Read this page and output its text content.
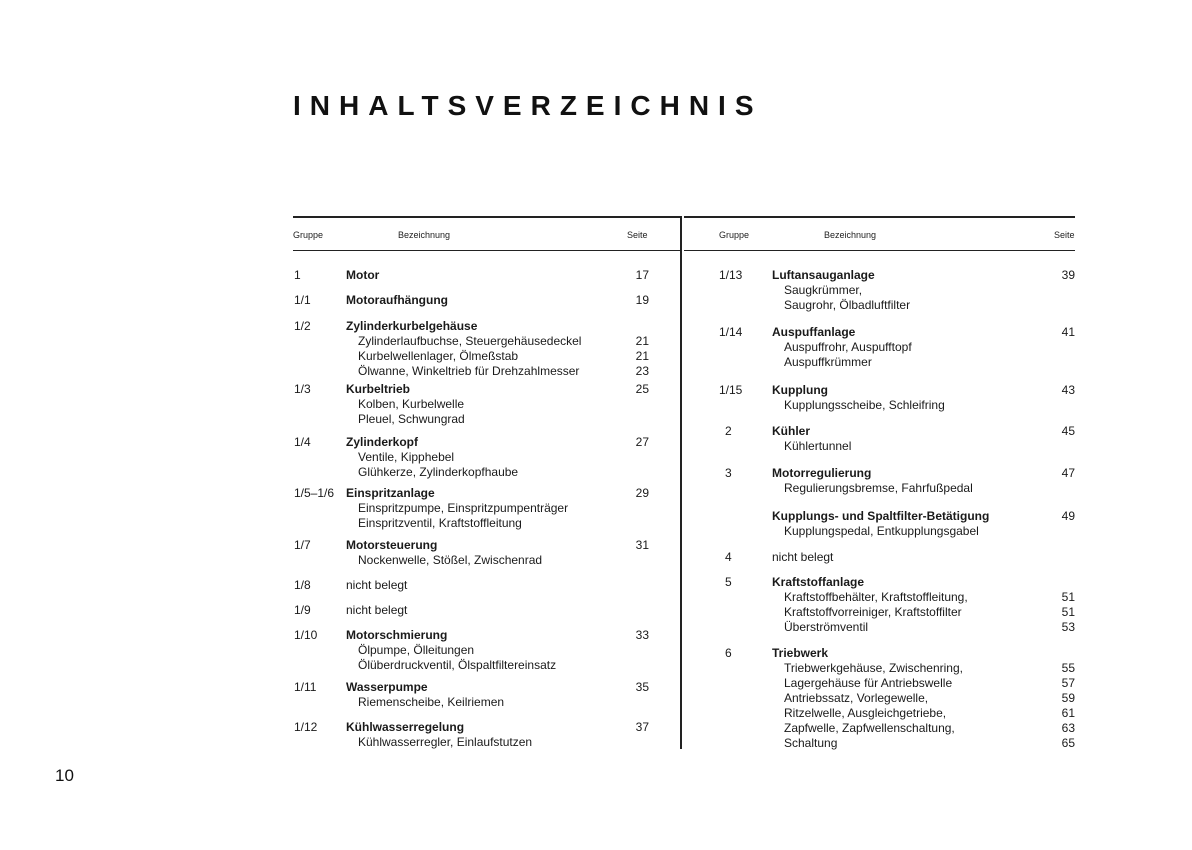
INHALTSVERZEICHNIS
Gruppe	Bezeichnung	Seite	Gruppe	Bezeichnung	Seite
1	Motor	17
1/1	Motoraufhängung	19
1/2	Zylinderkurbelgehäuse
Zylinderlaufbuchse, Steuergehäusedeckel	21
Kurbelwellenlager, Ölmeßstab	21
Ölwanne, Winkeltrieb für Drehzahlmesser	23
1/3	Kurbeltrieb	25
Kolben, Kurbelwelle
Pleuel, Schwungrad
1/4	Zylinderkopf	27
Ventile, Kipphebel
Glühkerze, Zylinderkopfhaube
1/5–1/6 Einspritzanlage	29
Einspritzpumpe, Einspritzpumpenträger
Einspritzventil, Kraftstoffleitung
1/7	Motorsteuerung	31
Nockenwelle, Stößel, Zwischenrad
1/8	nicht belegt
1/9	nicht belegt
1/10 Motorschmierung	33
Ölpumpe, Ölleitungen
Ölüberdruckventil, Ölspaltfiltereinsatz
1/11 Wasserpumpe	35
Riemenscheibe, Keilriemen
1/12 Kühlwasserregelung	37
Kühlwasserregler, Einlaufstutzen
1/13 Luftansauganlage	39
Saugkrümmer,
Saugrohr, Ölbadluftfilter
1/14 Auspuffanlage	41
Auspuffrohr, Auspufftopf
Auspuffkrümmer
1/15 Kupplung	43
Kupplungsscheibe, Schleifring
2	Kühler	45
Kühlertunnel
3	Motorregulierung	47
Regulierungsbremse, Fahrfußpedal
Kupplungs- und Spaltfilter-Betätigung	49
Kupplungspedal, Entkupplungsgabel
4	nicht belegt
5	Kraftstoffanlage
Kraftstoffbehälter, Kraftstoffleitung,	51
Kraftstoffvorreiniger, Kraftstoffilter	51
Überströmventil	53
6	Triebwerk
Triebwerkgehäuse, Zwischenring,	55
Lagergehäuse für Antriebswelle	57
Antriebssatz, Vorlegewelle,	59
Ritzelwelle, Ausgleichgetriebe,	61
Zapfwelle, Zapfwellenschaltung,	63
Schaltung	65
10
